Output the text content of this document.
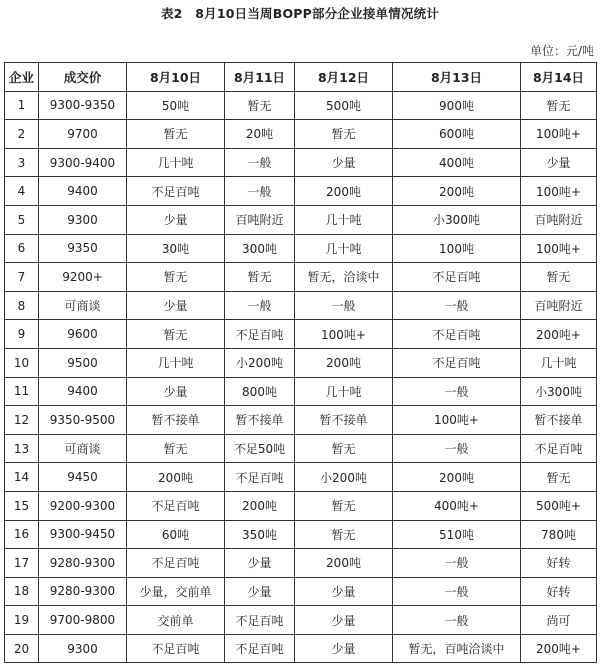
表2　8月10日当周BOPP部分企业接单情况统计
单位：元/吨
企业	成交价	8月10日	8月11日	8月12日	8月13日	8月14日
1	9300-9350	50吨	暂无	500吨	900吨	暂无
2	9700	暂无	20吨	暂无	600吨	100吨+
3	9300-9400	几十吨	一般	少量	400吨	少量
4	9400	不足百吨	一般	200吨	200吨	100吨+
5	9300	少量	百吨附近	几十吨	小300吨	百吨附近
6	9350	30吨	300吨	几十吨	100吨	100吨+
7	9200+	暂无	暂无	暂无，洽谈中	不足百吨	暂无
8	可商谈	少量	一般	一般	一般	百吨附近
9	9600	暂无	不足百吨	100吨+	不足百吨	200吨+
10	9500	几十吨	小200吨	200吨	不足百吨	几十吨
11	9400	少量	800吨	几十吨	一般	小300吨
12	9350-9500	暂不接单	暂不接单	暂不接单	100吨+	暂不接单
13	可商谈	暂无	不足50吨	暂无	一般	不足百吨
14	9450	200吨	不足百吨	小200吨	200吨	暂无
15	9200-9300	不足百吨	200吨	暂无	400吨+	500吨+
16	9300-9450	60吨	350吨	暂无	510吨	780吨
17	9280-9300	不足百吨	少量	200吨	一般	好转
18	9280-9300	少量，交前单	少量	少量	一般	好转
19	9700-9800	交前单	不足百吨	少量	一般	尚可
20	9300	不足百吨	不足百吨	少量	暂无，百吨洽谈中	200吨+
